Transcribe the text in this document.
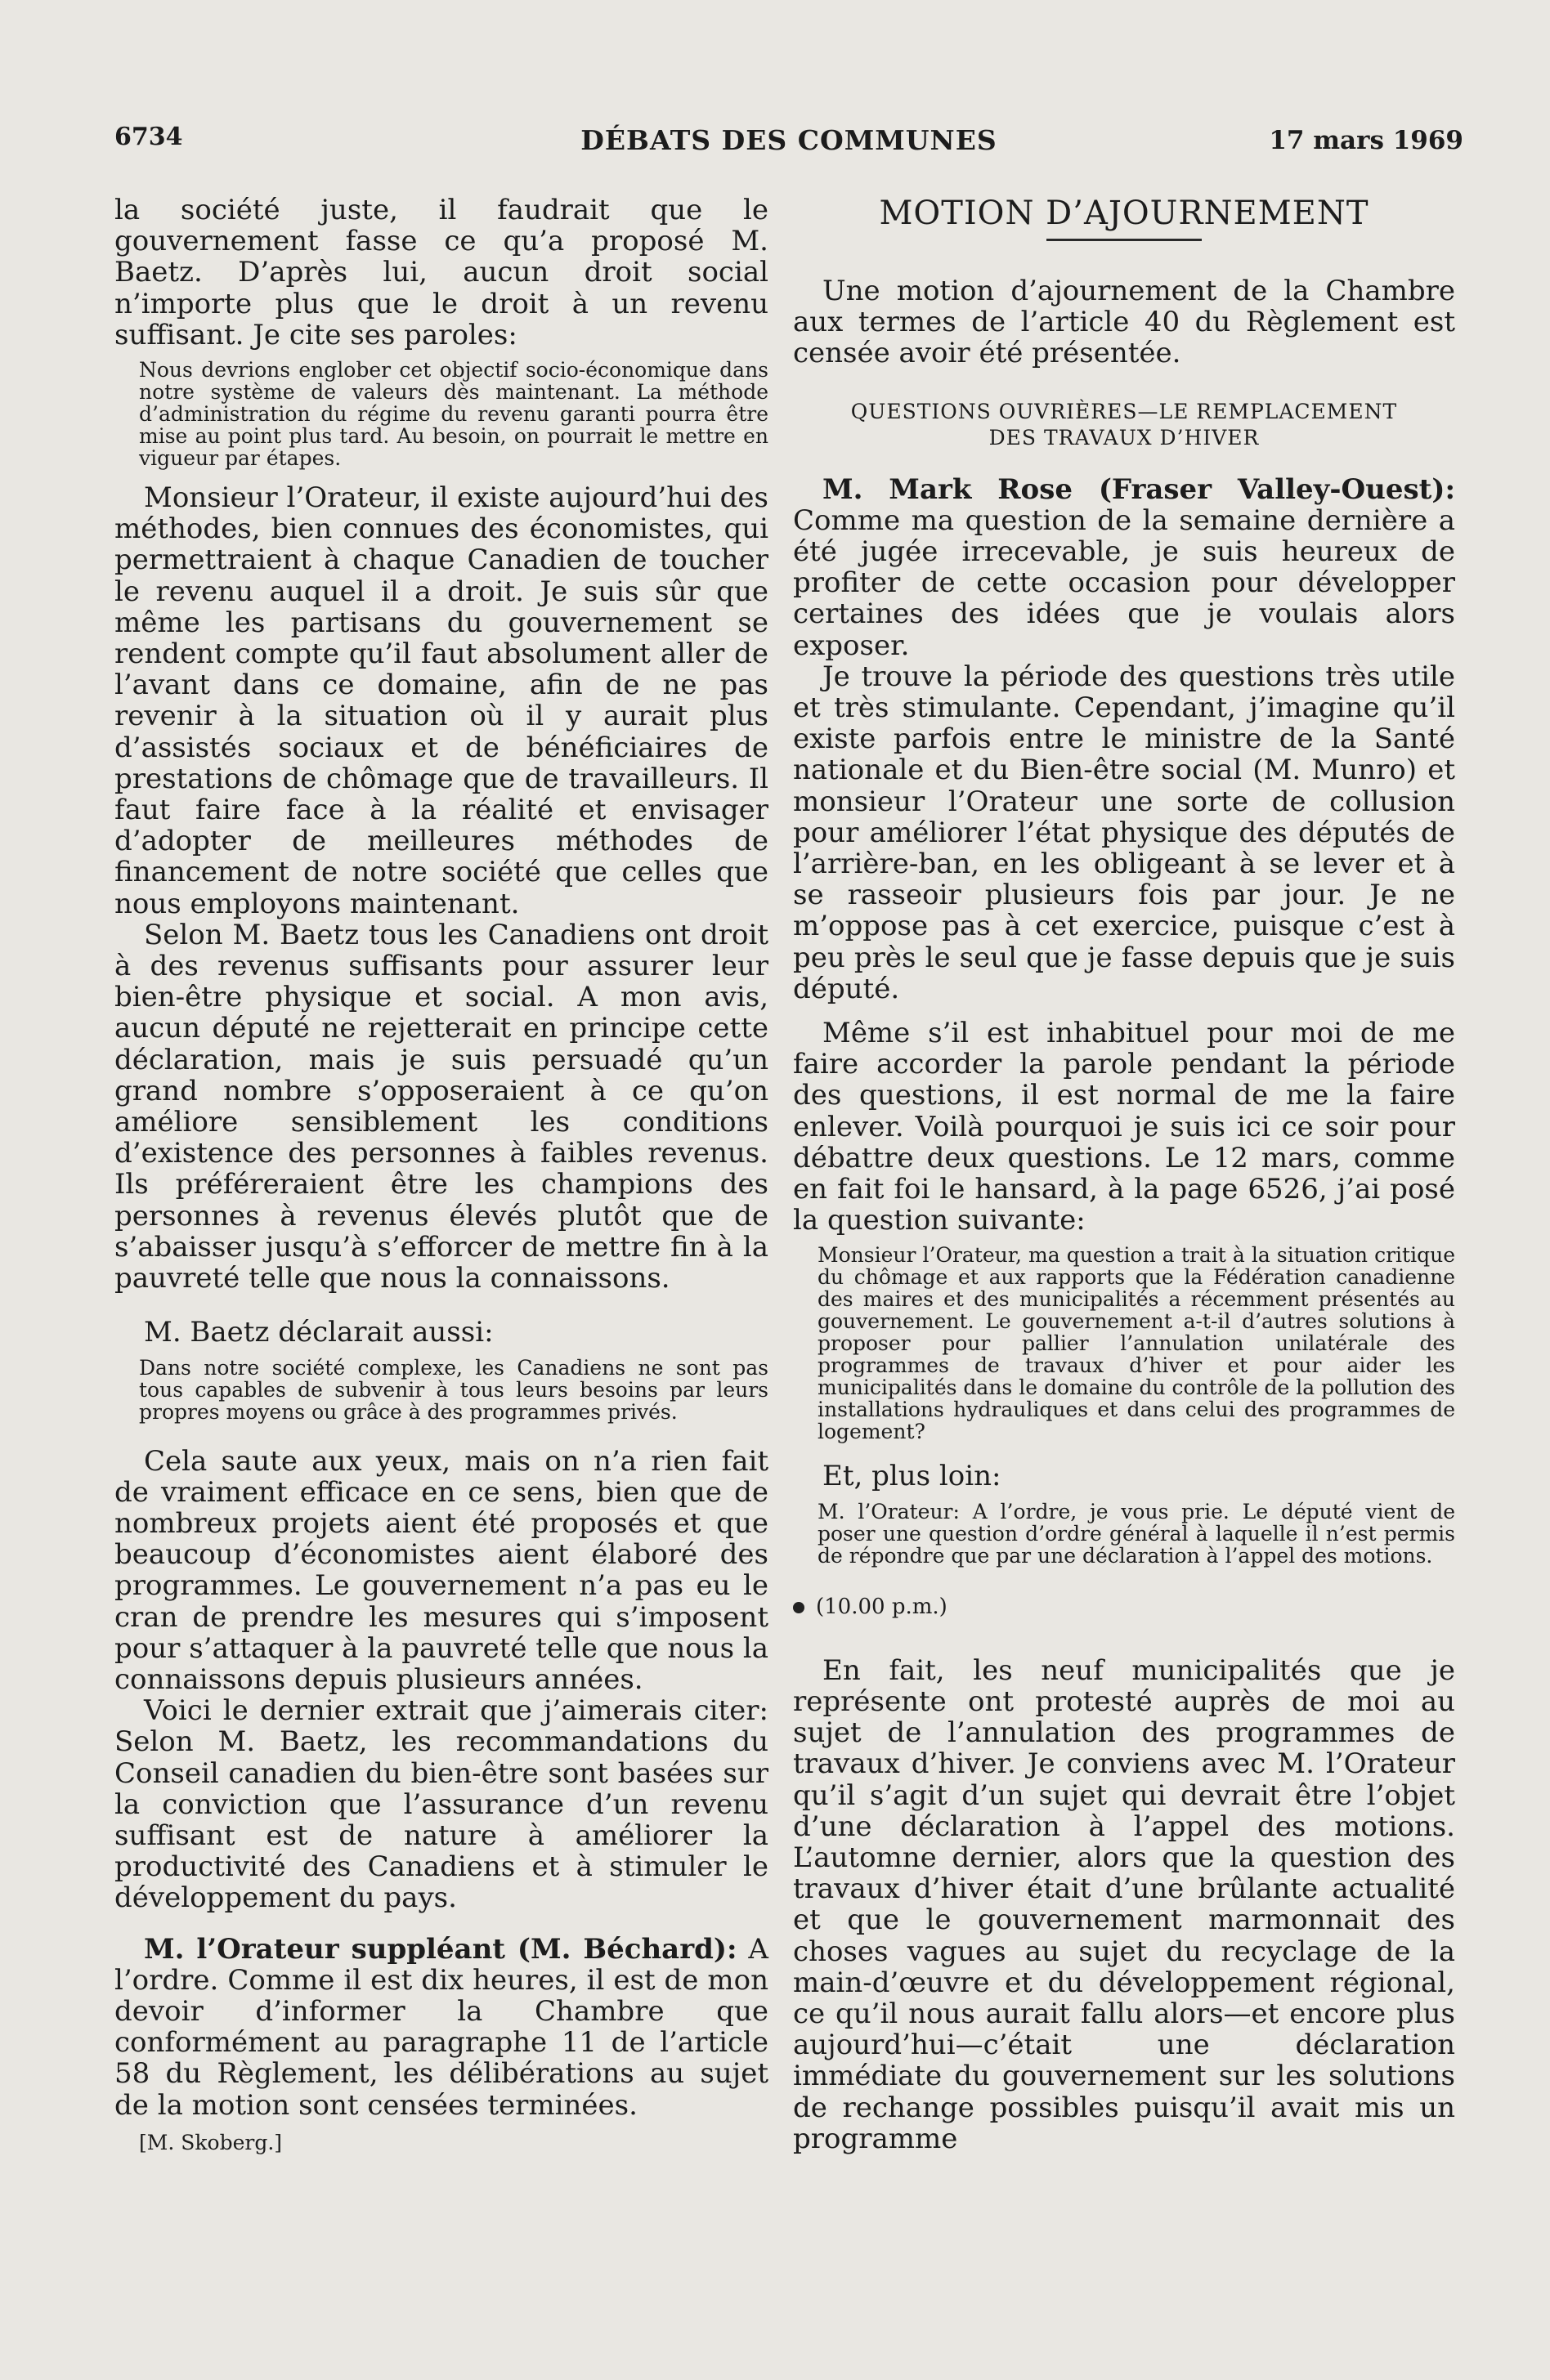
6734	DÉBATS DES COMMUNES	17 mars 1969

la société juste, il faudrait que le gouvernement fasse ce qu’a proposé M. Baetz. D’après lui, aucun droit social n’importe plus que le droit à un revenu suffisant. Je cite ses paroles:

Nous devrions englober cet objectif socio-économique dans notre système de valeurs dès maintenant. La méthode d’administration du régime du revenu garanti pourra être mise au point plus tard. Au besoin, on pourrait le mettre en vigueur par étapes.

Monsieur l’Orateur, il existe aujourd’hui des méthodes, bien connues des économistes, qui permettraient à chaque Canadien de toucher le revenu auquel il a droit. Je suis sûr que même les partisans du gouvernement se rendent compte qu’il faut absolument aller de l’avant dans ce domaine, afin de ne pas revenir à la situation où il y aurait plus d’assistés sociaux et de bénéficiaires de prestations de chômage que de travailleurs. Il faut faire face à la réalité et envisager d’adopter de meilleures méthodes de financement de notre société que celles que nous employons maintenant.

Selon M. Baetz tous les Canadiens ont droit à des revenus suffisants pour assurer leur bien-être physique et social. A mon avis, aucun député ne rejetterait en principe cette déclaration, mais je suis persuadé qu’un grand nombre s’opposeraient à ce qu’on améliore sensiblement les conditions d’existence des personnes à faibles revenus. Ils préféreraient être les champions des personnes à revenus élevés plutôt que de s’abaisser jusqu’à s’efforcer de mettre fin à la pauvreté telle que nous la connaissons.

M. Baetz déclarait aussi:

Dans notre société complexe, les Canadiens ne sont pas tous capables de subvenir à tous leurs besoins par leurs propres moyens ou grâce à des programmes privés.

Cela saute aux yeux, mais on n’a rien fait de vraiment efficace en ce sens, bien que de nombreux projets aient été proposés et que beaucoup d’économistes aient élaboré des programmes. Le gouvernement n’a pas eu le cran de prendre les mesures qui s’imposent pour s’attaquer à la pauvreté telle que nous la connaissons depuis plusieurs années.

Voici le dernier extrait que j’aimerais citer: Selon M. Baetz, les recommandations du Conseil canadien du bien-être sont basées sur la conviction que l’assurance d’un revenu suffisant est de nature à améliorer la productivité des Canadiens et à stimuler le développement du pays.

M. l’Orateur suppléant (M. Béchard): A l’ordre. Comme il est dix heures, il est de mon devoir d’informer la Chambre que conformément au paragraphe 11 de l’article 58 du Règlement, les délibérations au sujet de la motion sont censées terminées.

[M. Skoberg.]
MOTION D’AJOURNEMENT

Une motion d’ajournement de la Chambre aux termes de l’article 40 du Règlement est censée avoir été présentée.

QUESTIONS OUVRIÈRES—LE REMPLACEMENT
DES TRAVAUX D’HIVER

M. Mark Rose (Fraser Valley-Ouest): Comme ma question de la semaine dernière a été jugée irrecevable, je suis heureux de profiter de cette occasion pour développer certaines des idées que je voulais alors exposer.

Je trouve la période des questions très utile et très stimulante. Cependant, j’imagine qu’il existe parfois entre le ministre de la Santé nationale et du Bien-être social (M. Munro) et monsieur l’Orateur une sorte de collusion pour améliorer l’état physique des députés de l’arrière-ban, en les obligeant à se lever et à se rasseoir plusieurs fois par jour. Je ne m’oppose pas à cet exercice, puisque c’est à peu près le seul que je fasse depuis que je suis député.

Même s’il est inhabituel pour moi de me faire accorder la parole pendant la période des questions, il est normal de me la faire enlever. Voilà pourquoi je suis ici ce soir pour débattre deux questions. Le 12 mars, comme en fait foi le hansard, à la page 6526, j’ai posé la question suivante:

Monsieur l’Orateur, ma question a trait à la situation critique du chômage et aux rapports que la Fédération canadienne des maires et des municipalités a récemment présentés au gouvernement. Le gouvernement a-t-il d’autres solutions à proposer pour pallier l’annulation unilatérale des programmes de travaux d’hiver et pour aider les municipalités dans le domaine du contrôle de la pollution des installations hydrauliques et dans celui des programmes de logement?

Et, plus loin:

M. l’Orateur: A l’ordre, je vous prie. Le député vient de poser une question d’ordre général à laquelle il n’est permis de répondre que par une déclaration à l’appel des motions.

(10.00 p.m.)

En fait, les neuf municipalités que je représente ont protesté auprès de moi au sujet de l’annulation des programmes de travaux d’hiver. Je conviens avec M. l’Orateur qu’il s’agit d’un sujet qui devrait être l’objet d’une déclaration à l’appel des motions. L’automne dernier, alors que la question des travaux d’hiver était d’une brûlante actualité et que le gouvernement marmonnait des choses vagues au sujet du recyclage de la main-d’œuvre et du développement régional, ce qu’il nous aurait fallu alors—et encore plus aujourd’hui—c’était une déclaration immédiate du gouvernement sur les solutions de rechange possibles puisqu’il avait mis un programme
